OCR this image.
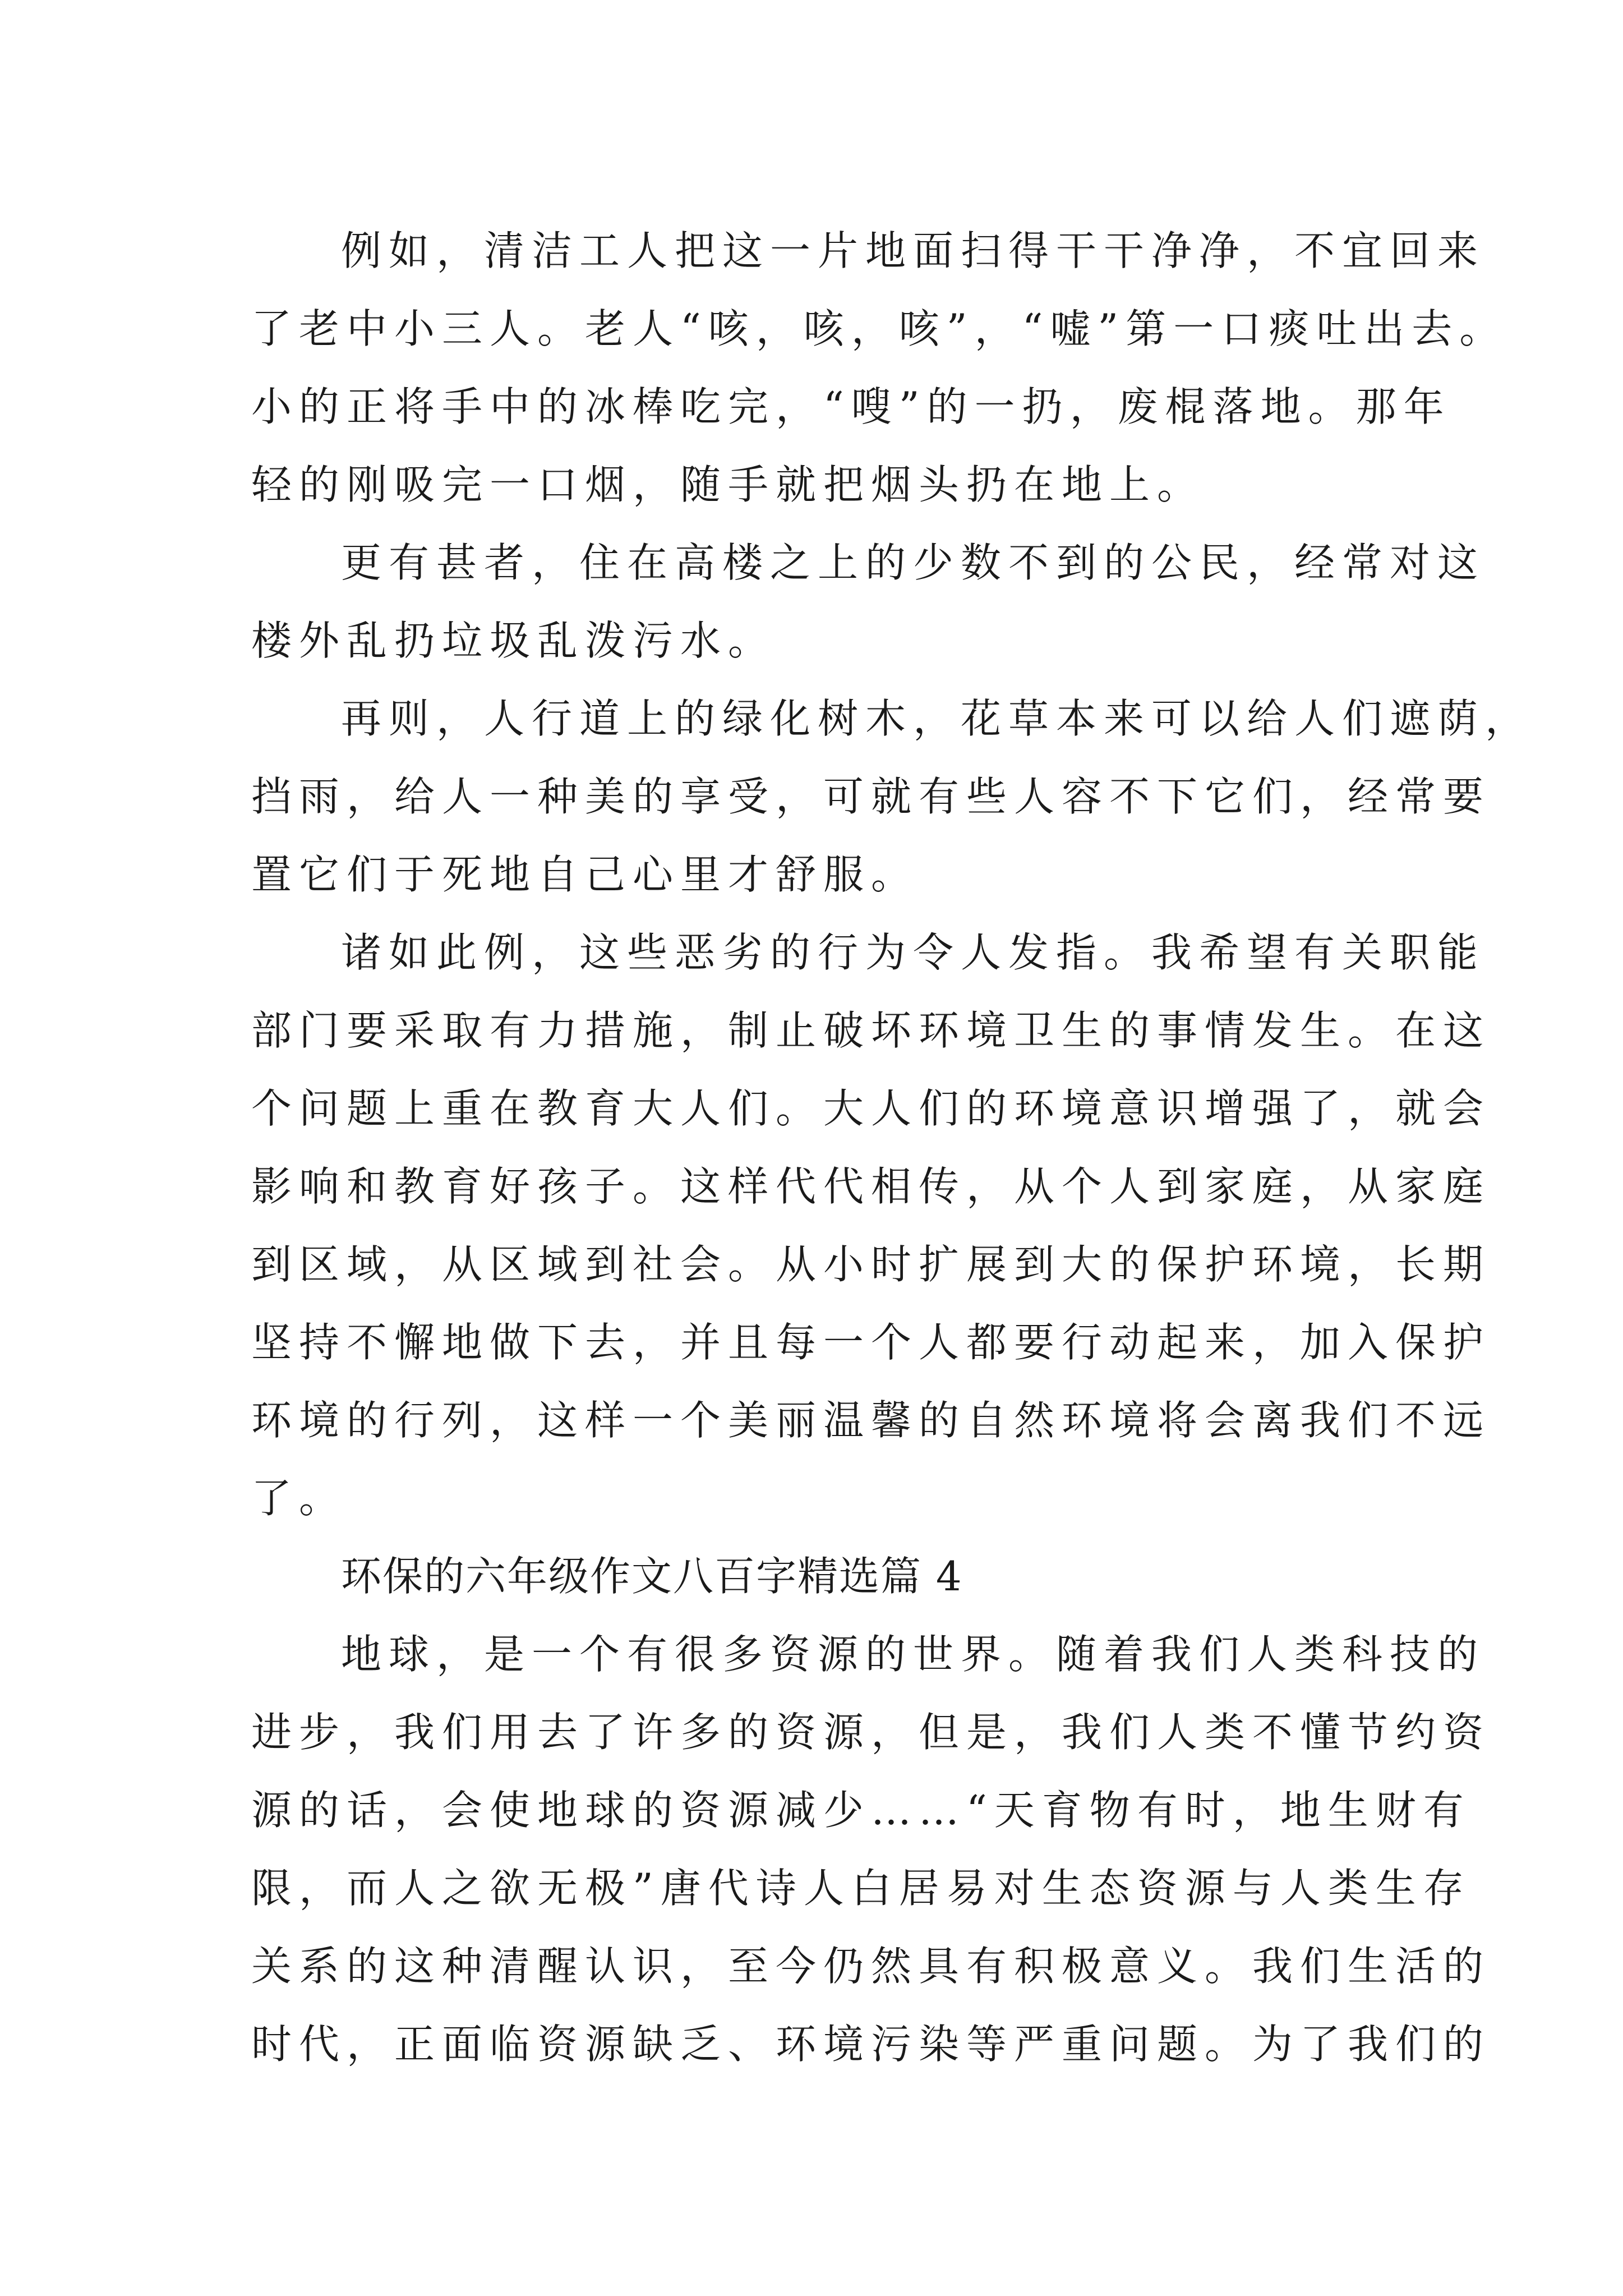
例如，清洁工人把这一片地面扫得干干净净，不宜回来
了老中小三人。老人“咳，咳，咳”，“嘘”第一口痰吐出去。
小的正将手中的冰棒吃完，“嗖”的一扔，废棍落地。那年
轻的刚吸完一口烟，随手就把烟头扔在地上。
更有甚者，住在高楼之上的少数不到的公民，经常对这
楼外乱扔垃圾乱泼污水。
再则，人行道上的绿化树木，花草本来可以给人们遮荫，
挡雨，给人一种美的享受，可就有些人容不下它们，经常要
置它们于死地自己心里才舒服。
诸如此例，这些恶劣的行为令人发指。我希望有关职能
部门要采取有力措施，制止破坏环境卫生的事情发生。在这
个问题上重在教育大人们。大人们的环境意识增强了，就会
影响和教育好孩子。这样代代相传，从个人到家庭，从家庭
到区域，从区域到社会。从小时扩展到大的保护环境，长期
坚持不懈地做下去，并且每一个人都要行动起来，加入保护
环境的行列，这样一个美丽温馨的自然环境将会离我们不远
了。
环保的六年级作文八百字精选篇 4
地球，是一个有很多资源的世界。随着我们人类科技的
进步，我们用去了许多的资源，但是，我们人类不懂节约资
源的话，会使地球的资源减少……“天育物有时，地生财有
限，而人之欲无极”唐代诗人白居易对生态资源与人类生存
关系的这种清醒认识，至今仍然具有积极意义。我们生活的
时代，正面临资源缺乏、环境污染等严重问题。为了我们的
